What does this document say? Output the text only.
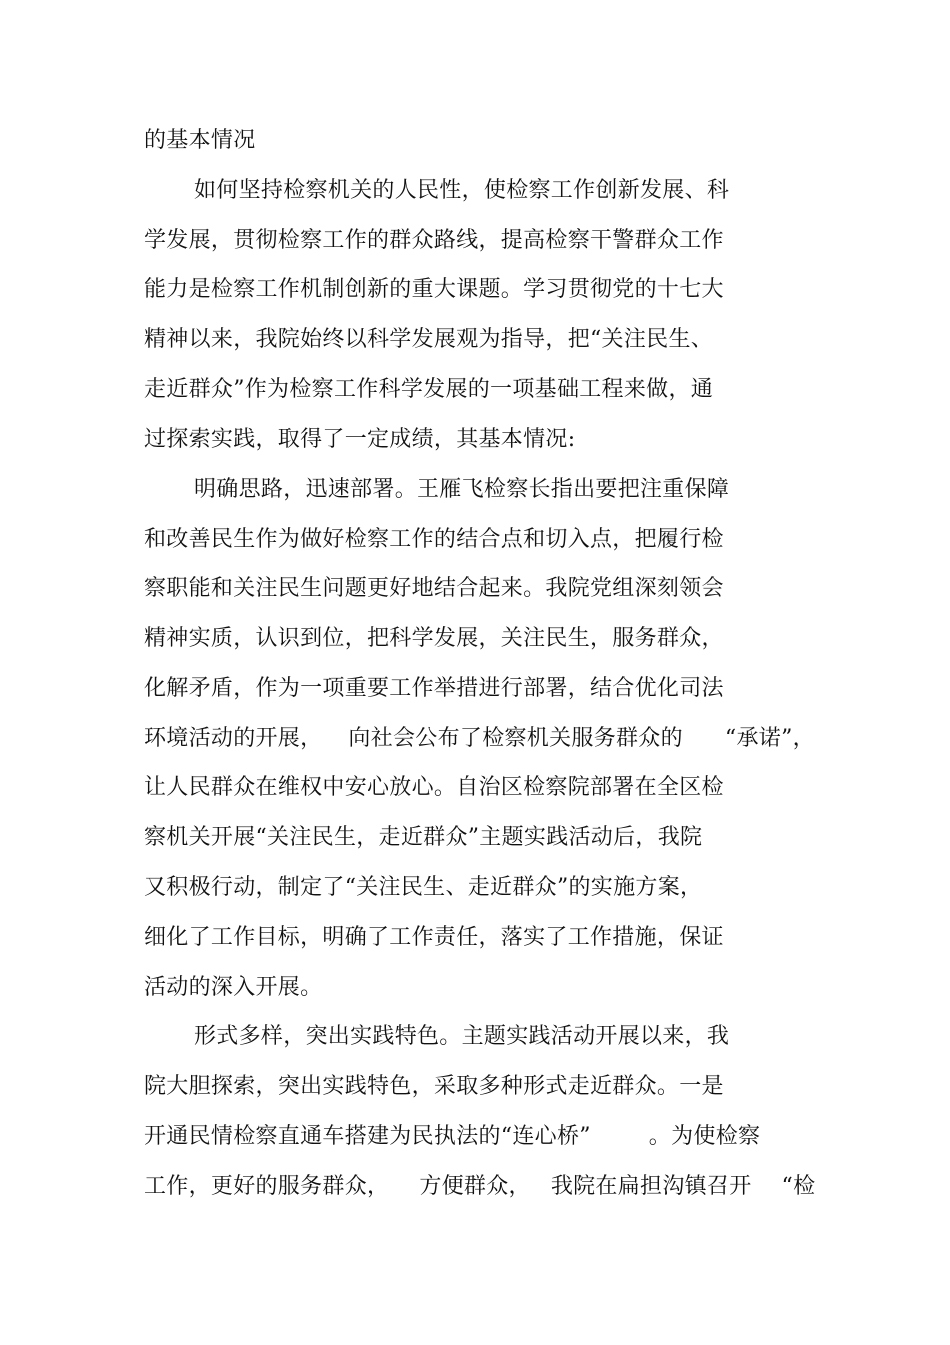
的基本情况
如何坚持检察机关的人民性，使检察工作创新发展、科
学发展，贯彻检察工作的群众路线，提高检察干警群众工作
能力是检察工作机制创新的重大课题。学习贯彻党的十七大
精神以来，我院始终以科学发展观为指导，把“关注民生、
走近群众”作为检察工作科学发展的一项基础工程来做，通
过探索实践，取得了一定成绩，其基本情况:
明确思路，迅速部署。王雁飞检察长指出要把注重保障
和改善民生作为做好检察工作的结合点和切入点，把履行检
察职能和关注民生问题更好地结合起来。我院党组深刻领会
精神实质，认识到位，把科学发展，关注民生，服务群众，
化解矛盾，作为一项重要工作举措进行部署，结合优化司法
环境活动的开展， 向社会公布了检察机关服务群众的 “承诺”，
让人民群众在维权中安心放心。自治区检察院部署在全区检
察机关开展“关注民生，走近群众”主题实践活动后，我院
又积极行动，制定了“关注民生、走近群众”的实施方案，
细化了工作目标，明确了工作责任，落实了工作措施，保证
活动的深入开展。
形式多样，突出实践特色。主题实践活动开展以来，我
院大胆探索，突出实践特色，采取多种形式走近群众。一是
开通民情检察直通车搭建为民执法的“连心桥”	。为使检察
工作，更好的服务群众， 方便群众， 我院在扁担沟镇召开 “检
